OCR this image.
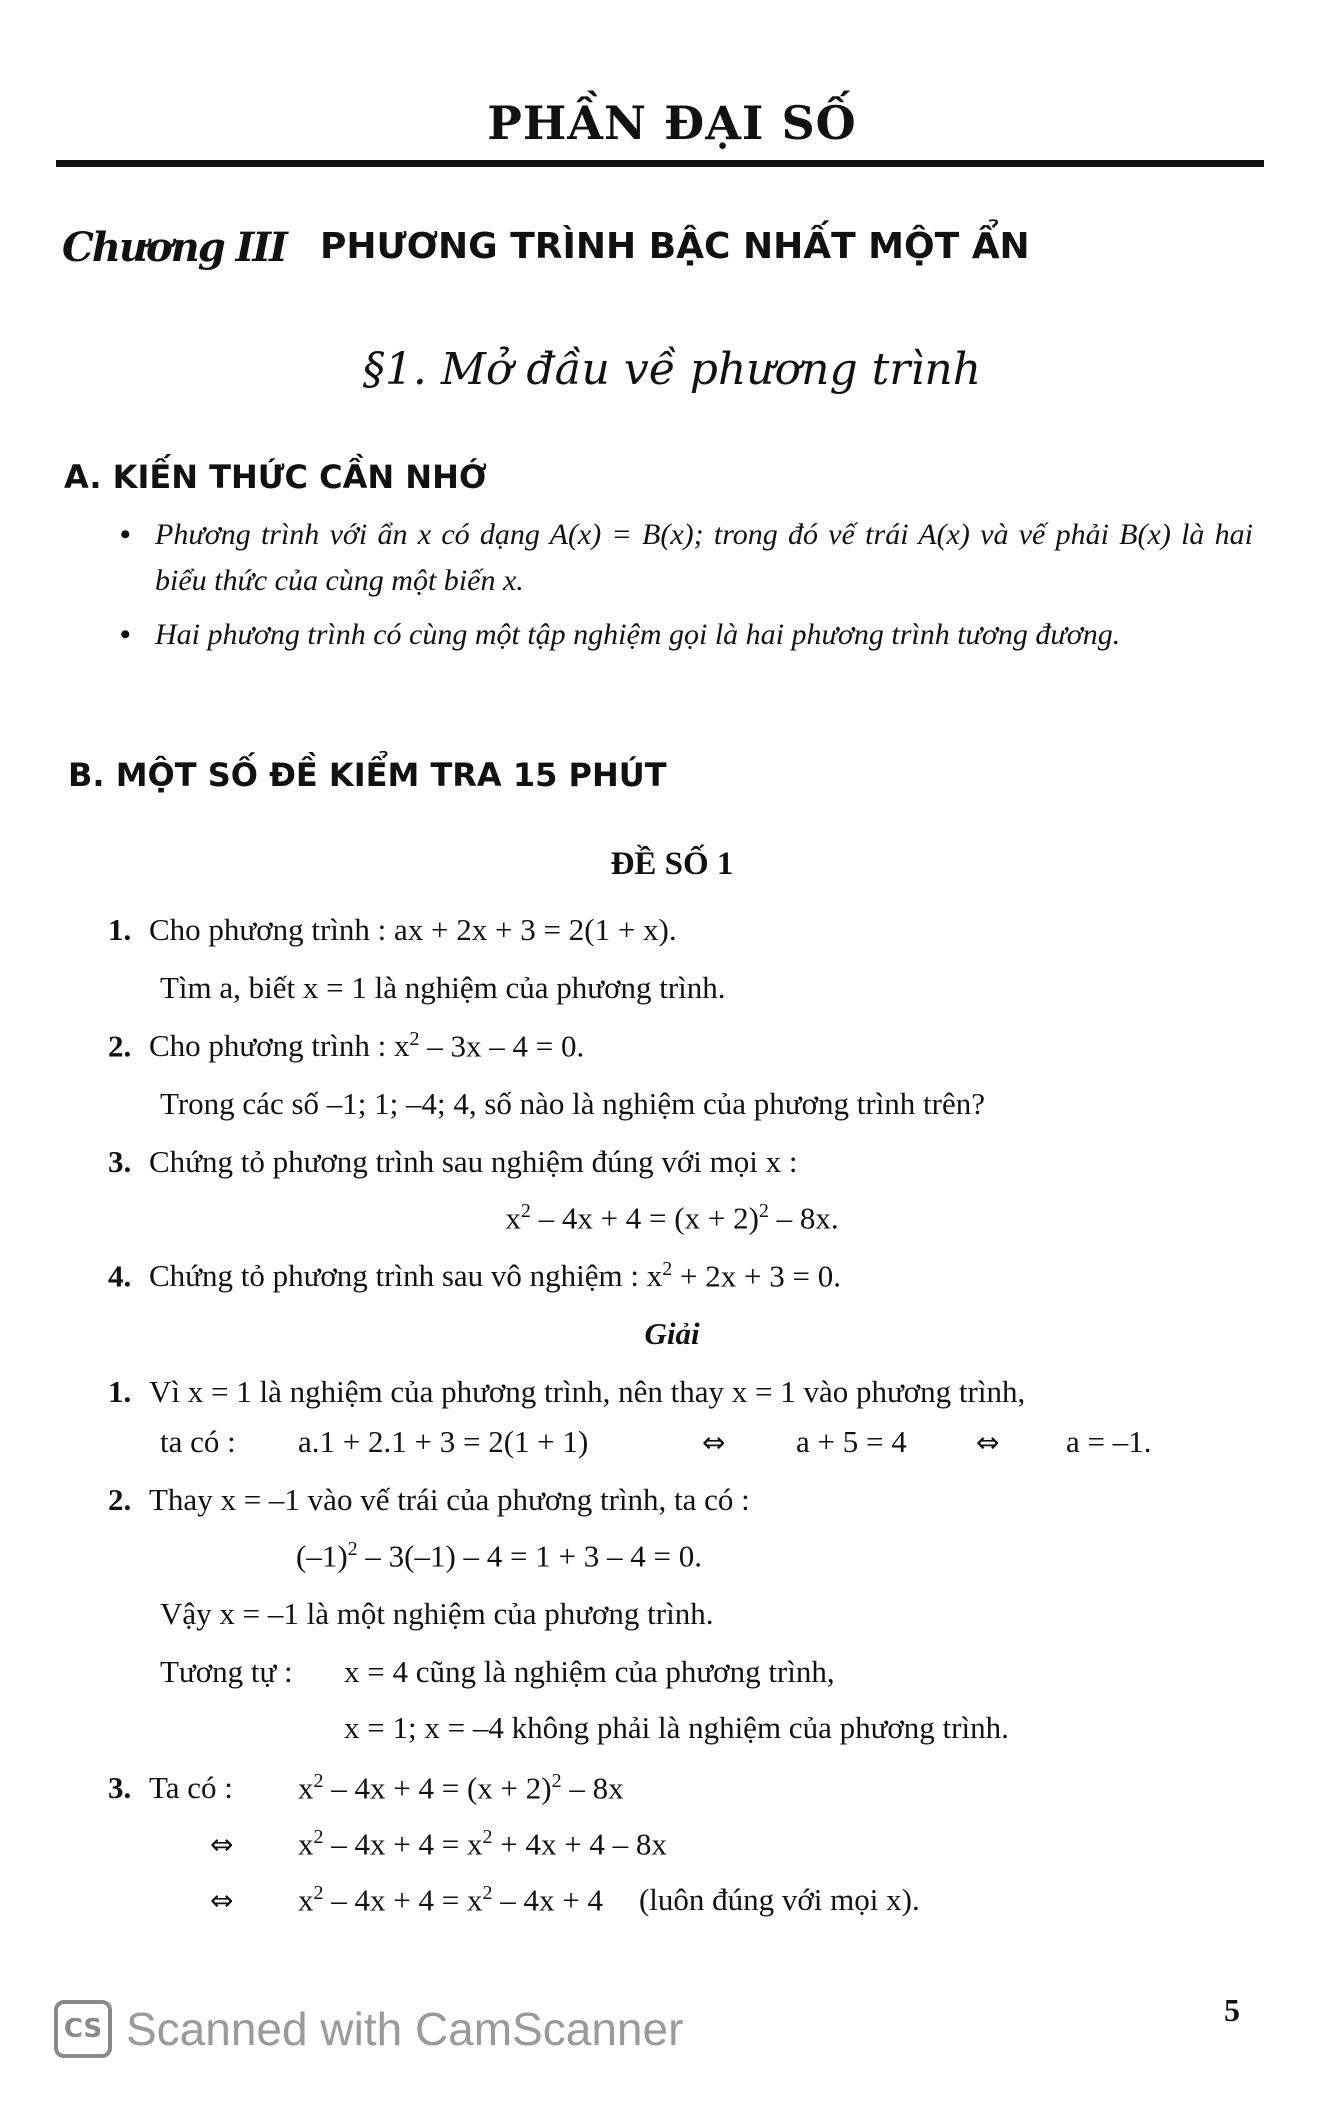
PHẦN ĐẠI SỐ
Chương III PHƯƠNG TRÌNH BẬC NHẤT MỘT ẨN
§1. Mở đầu về phương trình
A. KIẾN THỨC CẦN NHỚ
• Phương trình với ẩn x có dạng A(x) = B(x); trong đó vế trái A(x) và vế phải B(x) là hai biểu thức của cùng một biến x.
• Hai phương trình có cùng một tập nghiệm gọi là hai phương trình tương đương.
B. MỘT SỐ ĐỀ KIỂM TRA 15 PHÚT
ĐỀ SỐ 1
1. Cho phương trình : ax + 2x + 3 = 2(1 + x).
Tìm a, biết x = 1 là nghiệm của phương trình.
2. Cho phương trình : $x^2 - 3x - 4 = 0$.
Trong các số –1; 1; –4; 4, số nào là nghiệm của phương trình trên?
3. Chứng tỏ phương trình sau nghiệm đúng với mọi x :
$x^2 - 4x + 4 = (x + 2)^2 - 8x$.
4. Chứng tỏ phương trình sau vô nghiệm : $x^2 + 2x + 3 = 0$.
Giải
1. Vì x = 1 là nghiệm của phương trình, nên thay x = 1 vào phương trình,
ta có : a.1 + 2.1 + 3 = 2(1 + 1)	⇔ a + 5 = 4 ⇔ a = –1.
2. Thay x = –1 vào vế trái của phương trình, ta có :
$(-1)^2 - 3(-1) - 4 = 1 + 3 - 4 = 0$.
Vậy x = –1 là một nghiệm của phương trình.
Tương tự : x = 4 cũng là nghiệm của phương trình,
x = 1; x = –4 không phải là nghiệm của phương trình.
3. Ta có : $x^2 - 4x + 4 = (x + 2)^2 - 8x$
⇔ $x^2 - 4x + 4 = x^2 + 4x + 4 - 8x$
⇔ $x^2 - 4x + 4 = x^2 - 4x + 4$ (luôn đúng với mọi x).
CS Scanned with CamScanner	5
